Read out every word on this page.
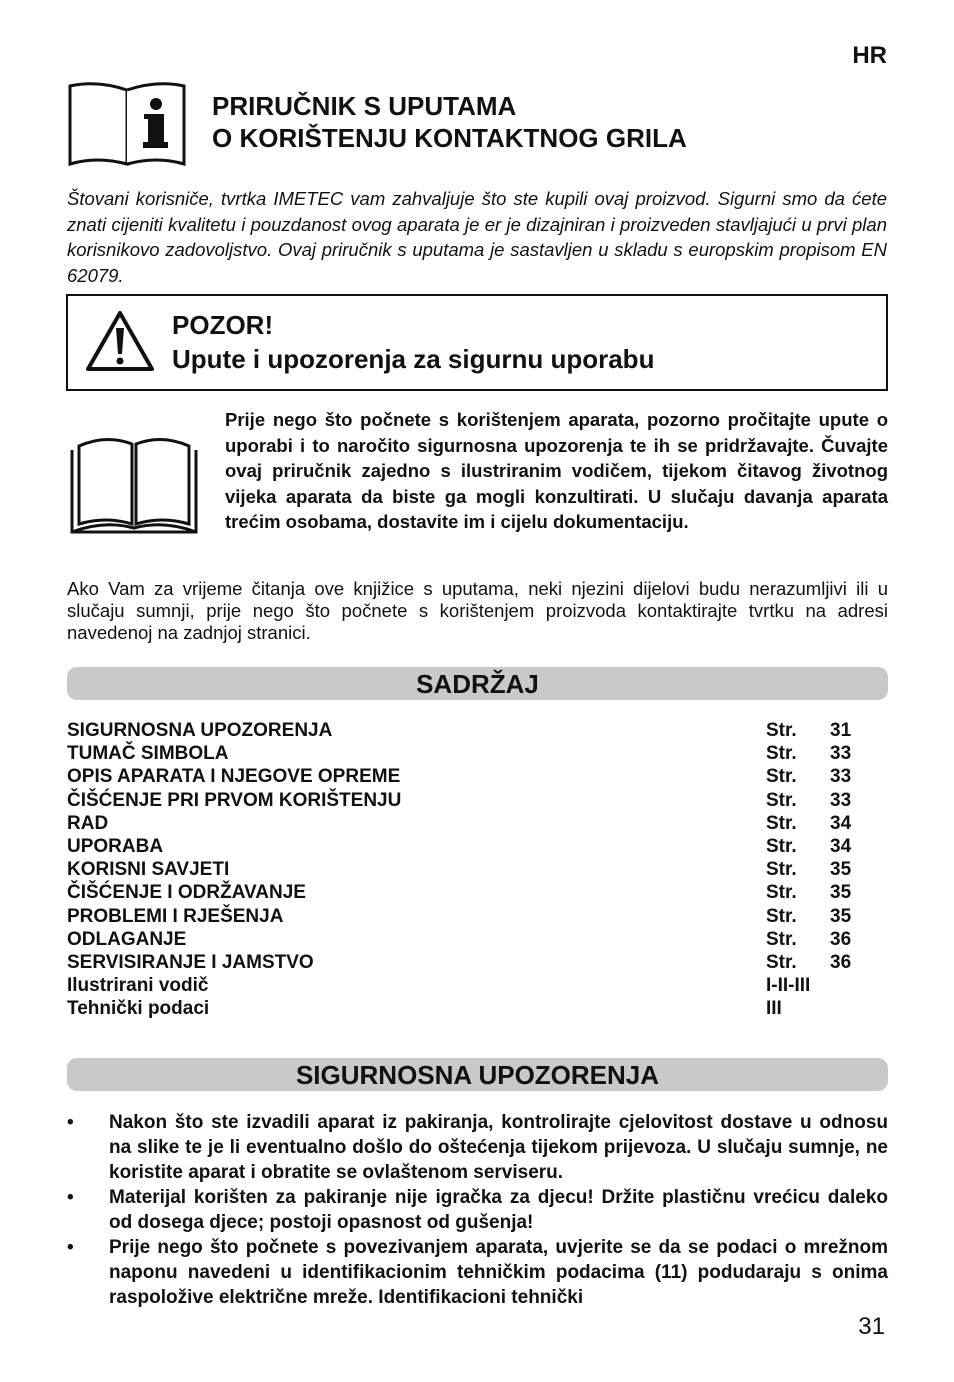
HR
PRIRUČNIK S UPUTAMA
O KORIŠTENJU KONTAKTNOG GRILA

Štovani korisniče, tvrtka IMETEC vam zahvaljuje što ste kupili ovaj proizvod. Sigurni smo da ćete znati cijeniti kvalitetu i pouzdanost ovog aparata je er je dizajniran i proizveden stavljajući u prvi plan korisnikovo zadovoljstvo. Ovaj priručnik s uputama je sastavljen u skladu s europskim propisom EN 62079.

POZOR!
Upute i upozorenja za sigurnu uporabu

Prije nego što počnete s korištenjem aparata, pozorno pročitajte upute o uporabi i to naročito sigurnosna upozorenja te ih se pridržavajte. Čuvajte ovaj priručnik zajedno s ilustriranim vodičem, tijekom čitavog životnog vijeka aparata da biste ga mogli konzultirati. U slučaju davanja aparata trećim osobama, dostavite im i cijelu dokumentaciju.

Ako Vam za vrijeme čitanja ove knjižice s uputama, neki njezini dijelovi budu nerazumljivi ili u slučaju sumnji, prije nego što počnete s korištenjem proizvoda kontaktirajte tvrtku na adresi navedenoj na zadnjoj stranici.

SADRŽAJ
SIGURNOSNA UPOZORENJA	Str. 31
TUMAČ SIMBOLA	Str. 33
OPIS APARATA I NJEGOVE OPREME	Str. 33
ČIŠĆENJE PRI PRVOM KORIŠTENJU	Str. 33
RAD	Str. 34
UPORABA	Str. 34
KORISNI SAVJETI	Str. 35
ČIŠĆENJE I ODRŽAVANJE	Str. 35
PROBLEMI I RJEŠENJA	Str. 35
ODLAGANJE	Str. 36
SERVISIRANJE I JAMSTVO	Str. 36
Ilustrirani vodič	I-II-III
Tehnički podaci	III
SIGURNOSNA UPOZORENJA
• Nakon što ste izvadili aparat iz pakiranja, kontrolirajte cjelovitost dostave u odnosu na slike te je li eventualno došlo do oštećenja tijekom prijevoza. U slučaju sumnje, ne koristite aparat i obratite se ovlaštenom serviseru.
• Materijal korišten za pakiranje nije igračka za djecu! Držite plastičnu vrećicu daleko od dosega djece; postoji opasnost od gušenja!
• Prije nego što počnete s povezivanjem aparata, uvjerite se da se podaci o mrežnom naponu navedeni u identifikacionim tehničkim podacima (11) podudaraju s onima raspoložive električne mreže. Identifikacioni tehnički
31
